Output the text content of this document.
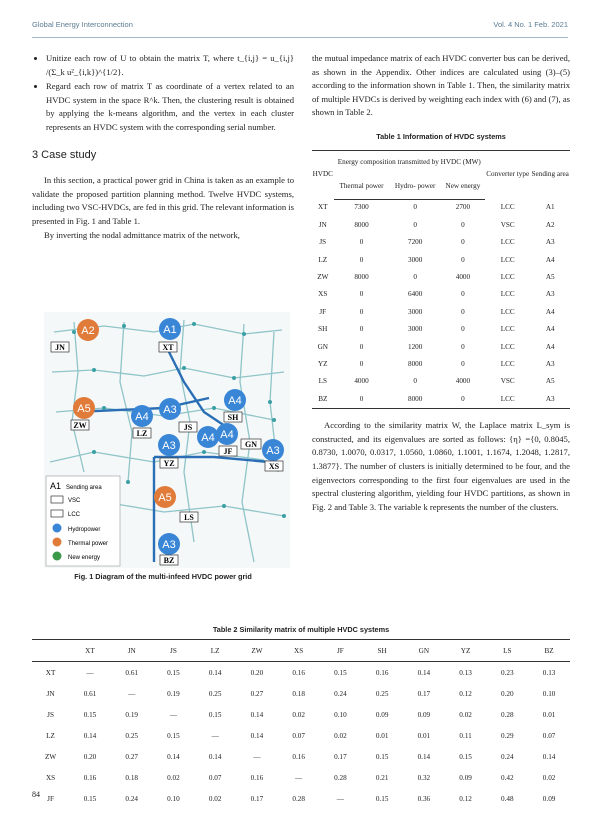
Global Energy Interconnection	Vol. 4 No. 1 Feb. 2021
• Unitize each row of U to obtain the matrix T, where t_{i,j} = u_{i,j} /(Σ_k u²_{i,k})^{1/2}.
• Regard each row of matrix T as coordinate of a vertex related to an HVDC system in the space R^k. Then, the clustering result is obtained by applying the k-means algorithm, and the vertex in each cluster represents an HVDC system with the corresponding serial number.
3 Case study

In this section, a practical power grid in China is taken as an example to validate the proposed partition planning method. Twelve HVDC systems, including two VSC-HVDCs, are fed in this grid. The relevant information is presented in Fig. 1 and Table 1.

By inverting the nodal admittance matrix of the network,

A2	A1
A4
A5
A4
A3
A4
A4
A3	A3
A5
A3
JN	XT
SH
ZW	JS
LZ
GN
JF
YZ	XS
LS
BZ
A1 Sending area
VSC
LCC
Hydropower
Thermal power
New energy
Fig. 1 Diagram of the multi-infeed HVDC power grid

the mutual impedance matrix of each HVDC converter bus can be derived, as shown in the Appendix. Other indices are calculated using (3)–(5) according to the information shown in Table 1. Then, the similarity matrix of multiple HVDCs is derived by weighting each index with (6) and (7), as shown in Table 2.

Table 1 Information of HVDC systems
HVDC	Energy composition transmitted by HVDC (MW)			Converter type	Sending area
	Thermal power	Hydro- power	New energy		
XT	7300	0	2700	LCC	A1
JN	8000	0	0	VSC	A2
JS	0	7200	0	LCC	A3
LZ	0	3000	0	LCC	A4
ZW	8000	0	4000	LCC	A5
XS	0	6400	0	LCC	A3
JF	0	3000	0	LCC	A4
SH	0	3000	0	LCC	A4
GN	0	1200	0	LCC	A4
YZ	0	8000	0	LCC	A3
LS	4000	0	4000	VSC	A5
BZ	0	8000	0	LCC	A3

According to the similarity matrix W, the Laplace matrix L_sym is constructed, and its eigenvalues are sorted as follows: {η} ={0, 0.8045, 0.8730, 1.0070, 0.0317, 1.0560, 1.0860, 1.1001, 1.1674, 1.2048, 1.2817, 1.3877}. The number of clusters is initially determined to be four, and the eigenvectors corresponding to the first four eigenvalues are used in the spectral clustering algorithm, yielding four HVDC partitions, as shown in Fig. 2 and Table 3. The variable k represents the number of the clusters.

Table 2 Similarity matrix of multiple HVDC systems
	XT	JN	JS	LZ	ZW	XS	JF	SH	GN	YZ	LS	BZ
XT	—	0.61	0.15	0.14	0.20	0.16	0.15	0.16	0.14	0.13	0.23	0.13
JN	0.61	—	0.19	0.25	0.27	0.18	0.24	0.25	0.17	0.12	0.20	0.10
JS	0.15	0.19	—	0.15	0.14	0.02	0.10	0.09	0.09	0.02	0.28	0.01
LZ	0.14	0.25	0.15	—	0.14	0.07	0.02	0.01	0.01	0.11	0.29	0.07
ZW	0.20	0.27	0.14	0.14	—	0.16	0.17	0.15	0.14	0.15	0.24	0.14
XS	0.16	0.18	0.02	0.07	0.16	—	0.28	0.21	0.32	0.09	0.42	0.02
JF	0.15	0.24	0.10	0.02	0.17	0.28	—	0.15	0.36	0.12	0.48	0.09
84
